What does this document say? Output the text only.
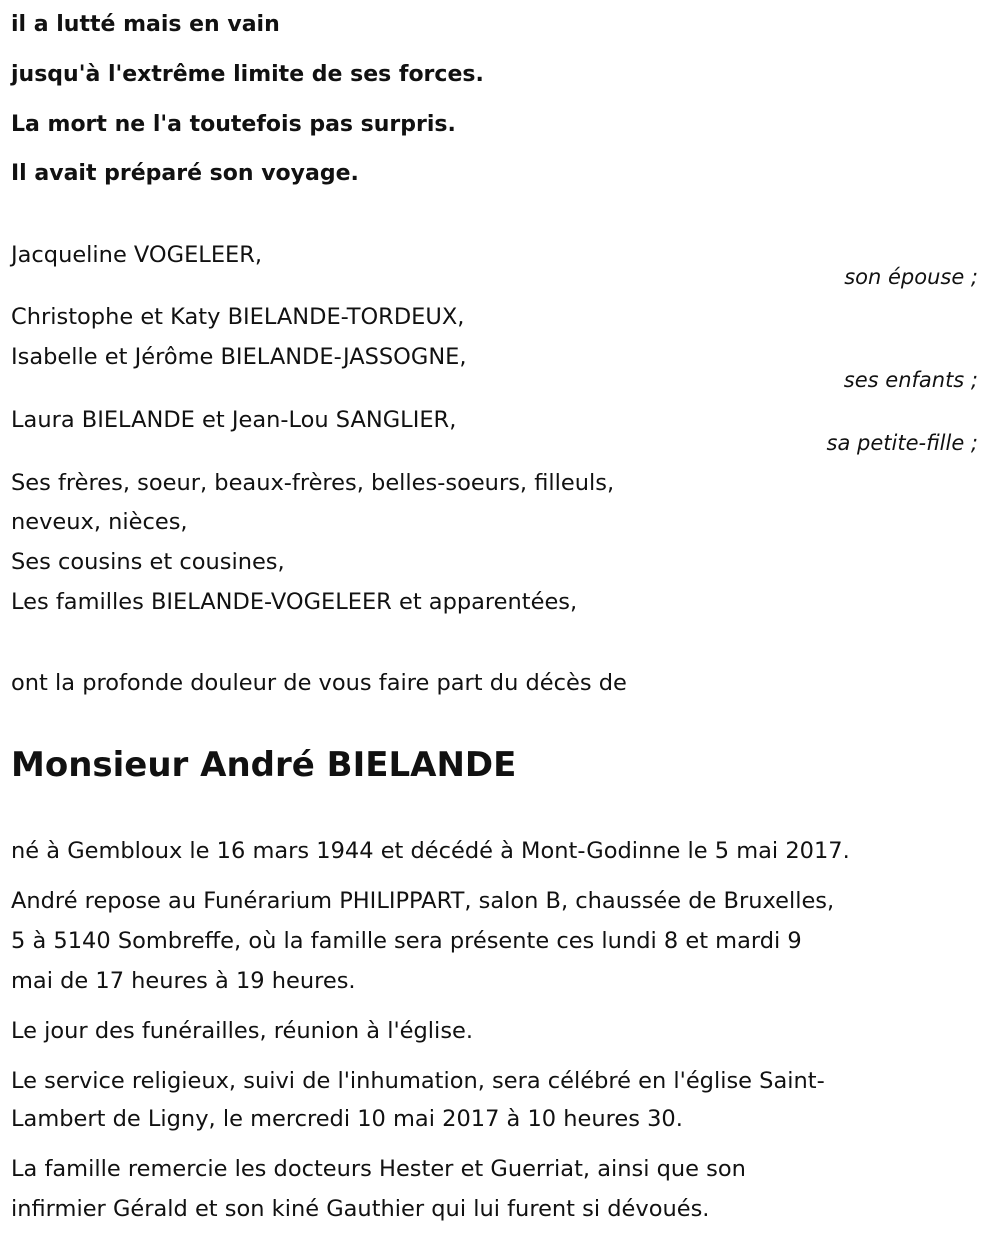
il a lutté mais en vain
jusqu'à l'extrême limite de ses forces.
La mort ne l'a toutefois pas surpris.
Il avait préparé son voyage.
Jacqueline VOGELEER,
son épouse ;
Christophe et Katy BIELANDE-TORDEUX,
Isabelle et Jérôme BIELANDE-JASSOGNE,
ses enfants ;
Laura BIELANDE et Jean-Lou SANGLIER,
sa petite-fille ;
Ses frères, soeur, beaux-frères, belles-soeurs, filleuls,
neveux, nièces,
Ses cousins et cousines,
Les familles BIELANDE-VOGELEER et apparentées,
ont la profonde douleur de vous faire part du décès de
Monsieur André BIELANDE
né à Gembloux le 16 mars 1944 et décédé à Mont-Godinne le 5 mai 2017.
André repose au Funérarium PHILIPPART, salon B, chaussée de Bruxelles,
5 à 5140 Sombreffe, où la famille sera présente ces lundi 8 et mardi 9
mai de 17 heures à 19 heures.
Le jour des funérailles, réunion à l'église.
Le service religieux, suivi de l'inhumation, sera célébré en l'église Saint-
Lambert de Ligny, le mercredi 10 mai 2017 à 10 heures 30.
La famille remercie les docteurs Hester et Guerriat, ainsi que son
infirmier Gérald et son kiné Gauthier qui lui furent si dévoués.
